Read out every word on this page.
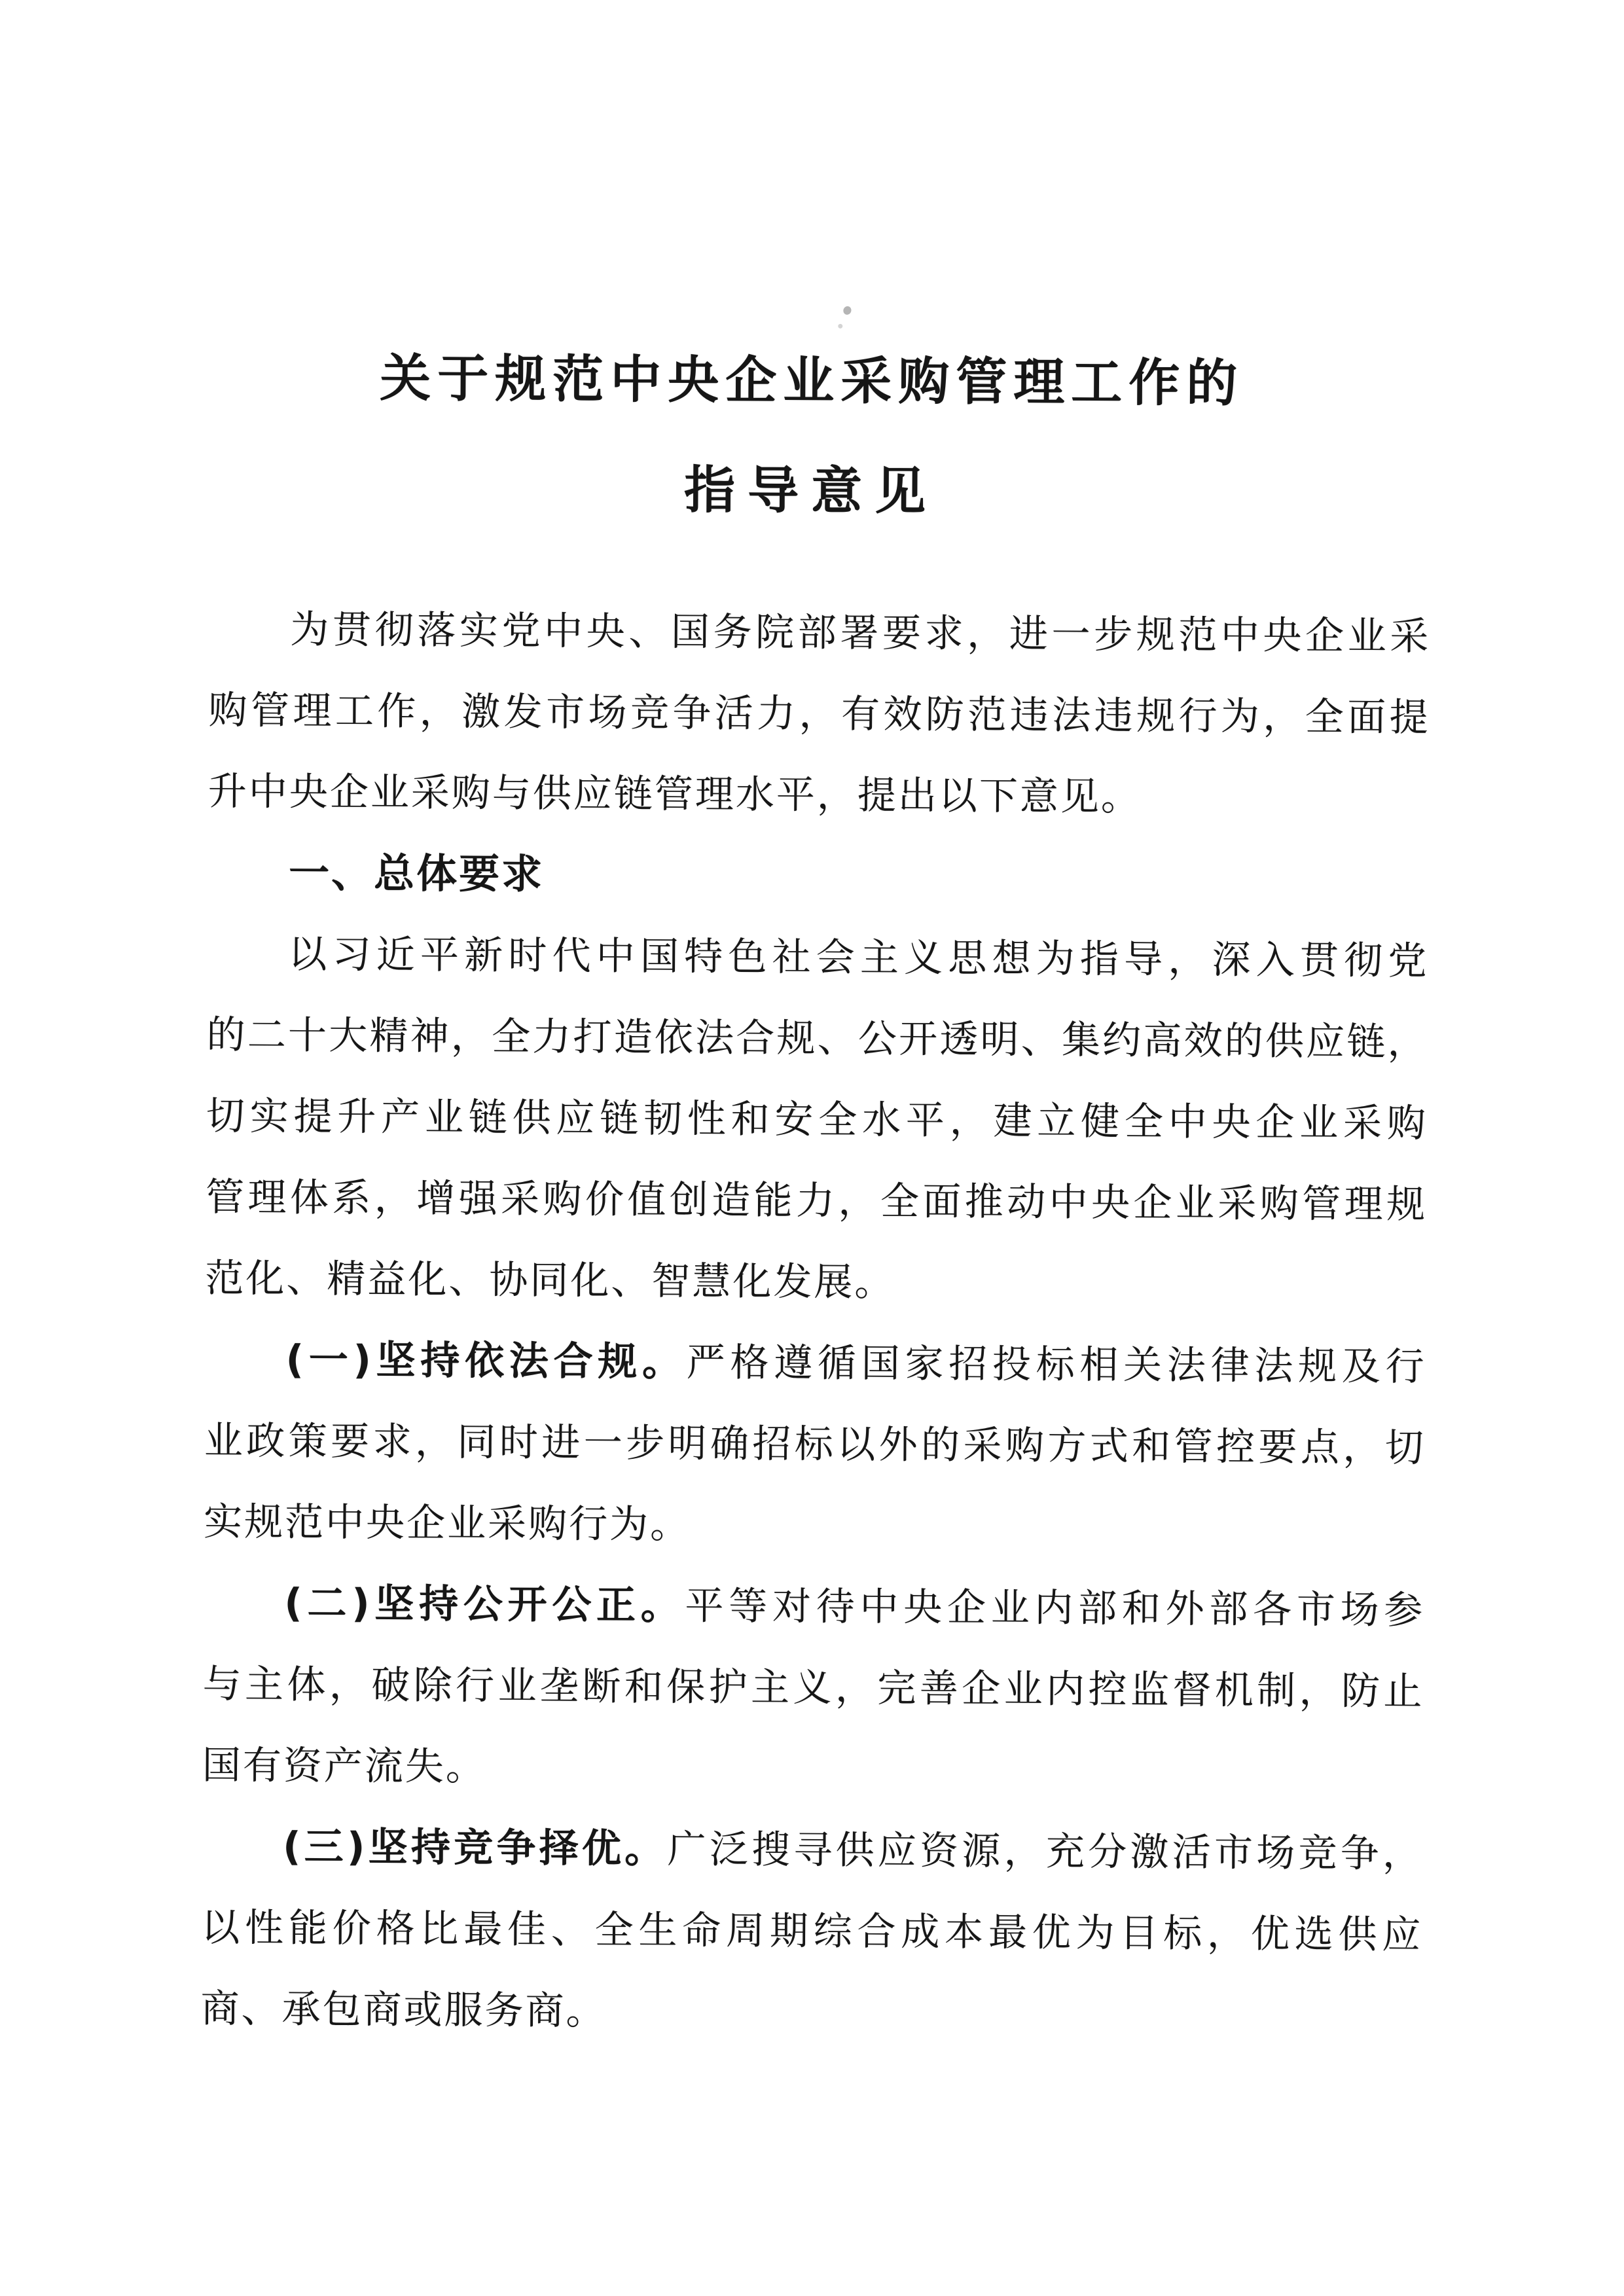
关于规范中央企业采购管理工作的
指导意见
为贯彻落实党中央、国务院部署要求，进一步规范中央企业采
购管理工作，激发市场竞争活力，有效防范违法违规行为，全面提
升中央企业采购与供应链管理水平，提出以下意见。
一、总体要求
以习近平新时代中国特色社会主义思想为指导，深入贯彻党
的二十大精神，全力打造依法合规、公开透明、集约高效的供应链，
切实提升产业链供应链韧性和安全水平，建立健全中央企业采购
管理体系，增强采购价值创造能力，全面推动中央企业采购管理规
范化、精益化、协同化、智慧化发展。
(一)坚持依法合规。严格遵循国家招投标相关法律法规及行
业政策要求，同时进一步明确招标以外的采购方式和管控要点，切
实规范中央企业采购行为。
(二)坚持公开公正。平等对待中央企业内部和外部各市场参
与主体，破除行业垄断和保护主义，完善企业内控监督机制，防止
国有资产流失。
(三)坚持竞争择优。广泛搜寻供应资源，充分激活市场竞争，
以性能价格比最佳、全生命周期综合成本最优为目标，优选供应
商、承包商或服务商。
